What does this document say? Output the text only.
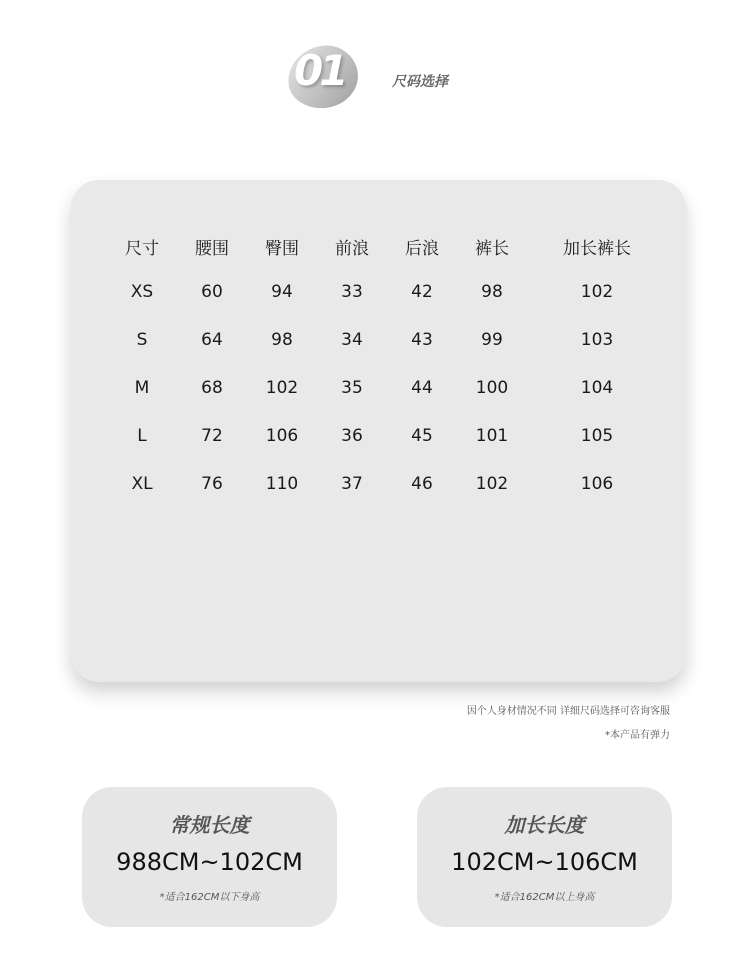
01	尺码选择
尺寸	腰围	臀围	前浪	后浪	裤长	加长裤长
XS	60	94	33	42	98	102
S	64	98	34	43	99	103
M	68	102	35	44	100	104
L	72	106	36	45	101	105
XL	76	110	37	46	102	106
因个人身材情况不同 详细尺码选择可咨询客服
*本产品有弹力
常规长度
988CM~102CM
*适合162CM以下身高
加长长度
102CM~106CM
*适合162CM以上身高
